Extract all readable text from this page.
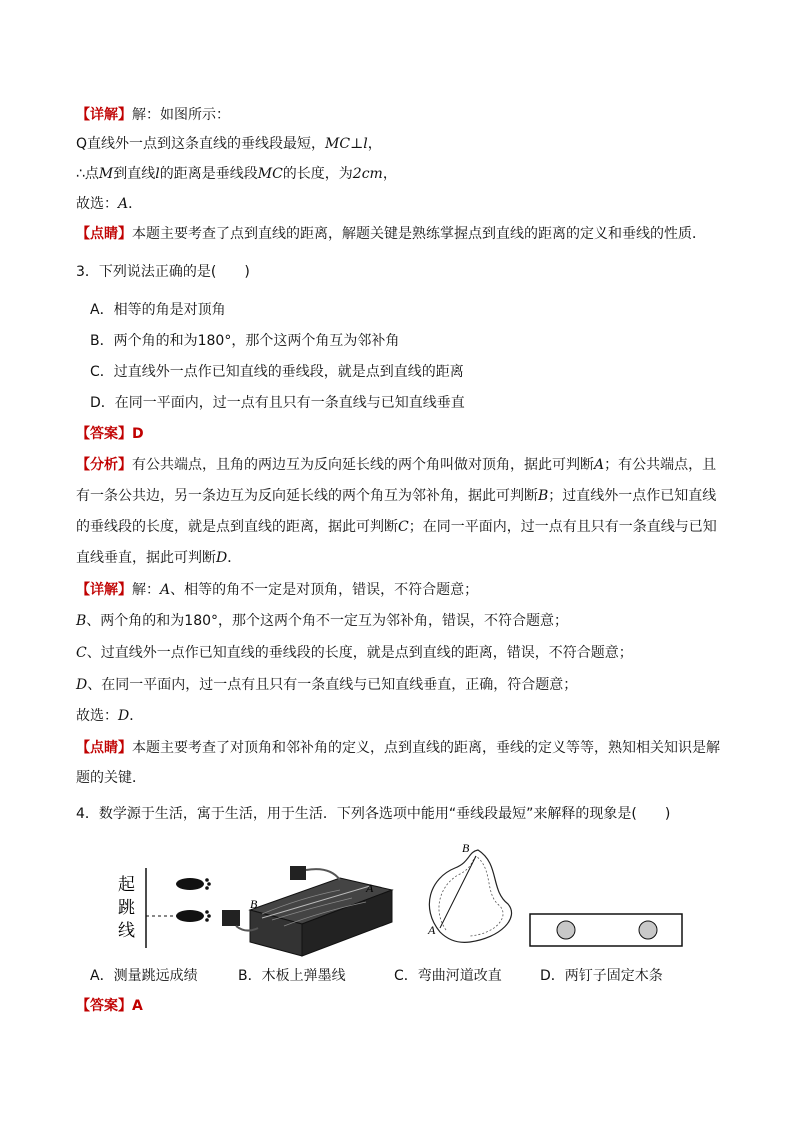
【详解】解：如图所示：
Q直线外一点到这条直线的垂线段最短，MC⊥l，
∴点M到直线l的距离是垂线段MC的长度，为2cm，
故选：A．
【点睛】本题主要考查了点到直线的距离，解题关键是熟练掌握点到直线的距离的定义和垂线的性质．
3．下列说法正确的是(　　)
A．相等的角是对顶角
B．两个角的和为180°，那个这两个角互为邻补角
C．过直线外一点作已知直线的垂线段，就是点到直线的距离
D．在同一平面内，过一点有且只有一条直线与已知直线垂直
【答案】D
【分析】有公共端点，且角的两边互为反向延长线的两个角叫做对顶角，据此可判断A；有公共端点，且
有一条公共边，另一条边互为反向延长线的两个角互为邻补角，据此可判断B；过直线外一点作已知直线
的垂线段的长度，就是点到直线的距离，据此可判断C；在同一平面内，过一点有且只有一条直线与已知
直线垂直，据此可判断D．
【详解】解：A、相等的角不一定是对顶角，错误，不符合题意；
B、两个角的和为180°，那个这两个角不一定互为邻补角，错误，不符合题意；
C、过直线外一点作已知直线的垂线段的长度，就是点到直线的距离，错误，不符合题意；
D、在同一平面内，过一点有且只有一条直线与已知直线垂直，正确，符合题意；
故选：D．
【点睛】本题主要考查了对顶角和邻补角的定义，点到直线的距离，垂线的定义等等，熟知相关知识是解
题的关键．
4．数学源于生活，寓于生活，用于生活．下列各选项中能用“垂线段最短”来解释的现象是(　　)
起
跳
线
B
A
B
A
A．测量跳远成绩	B．木板上弹墨线	C．弯曲河道改直	D．两钉子固定木条
【答案】A
